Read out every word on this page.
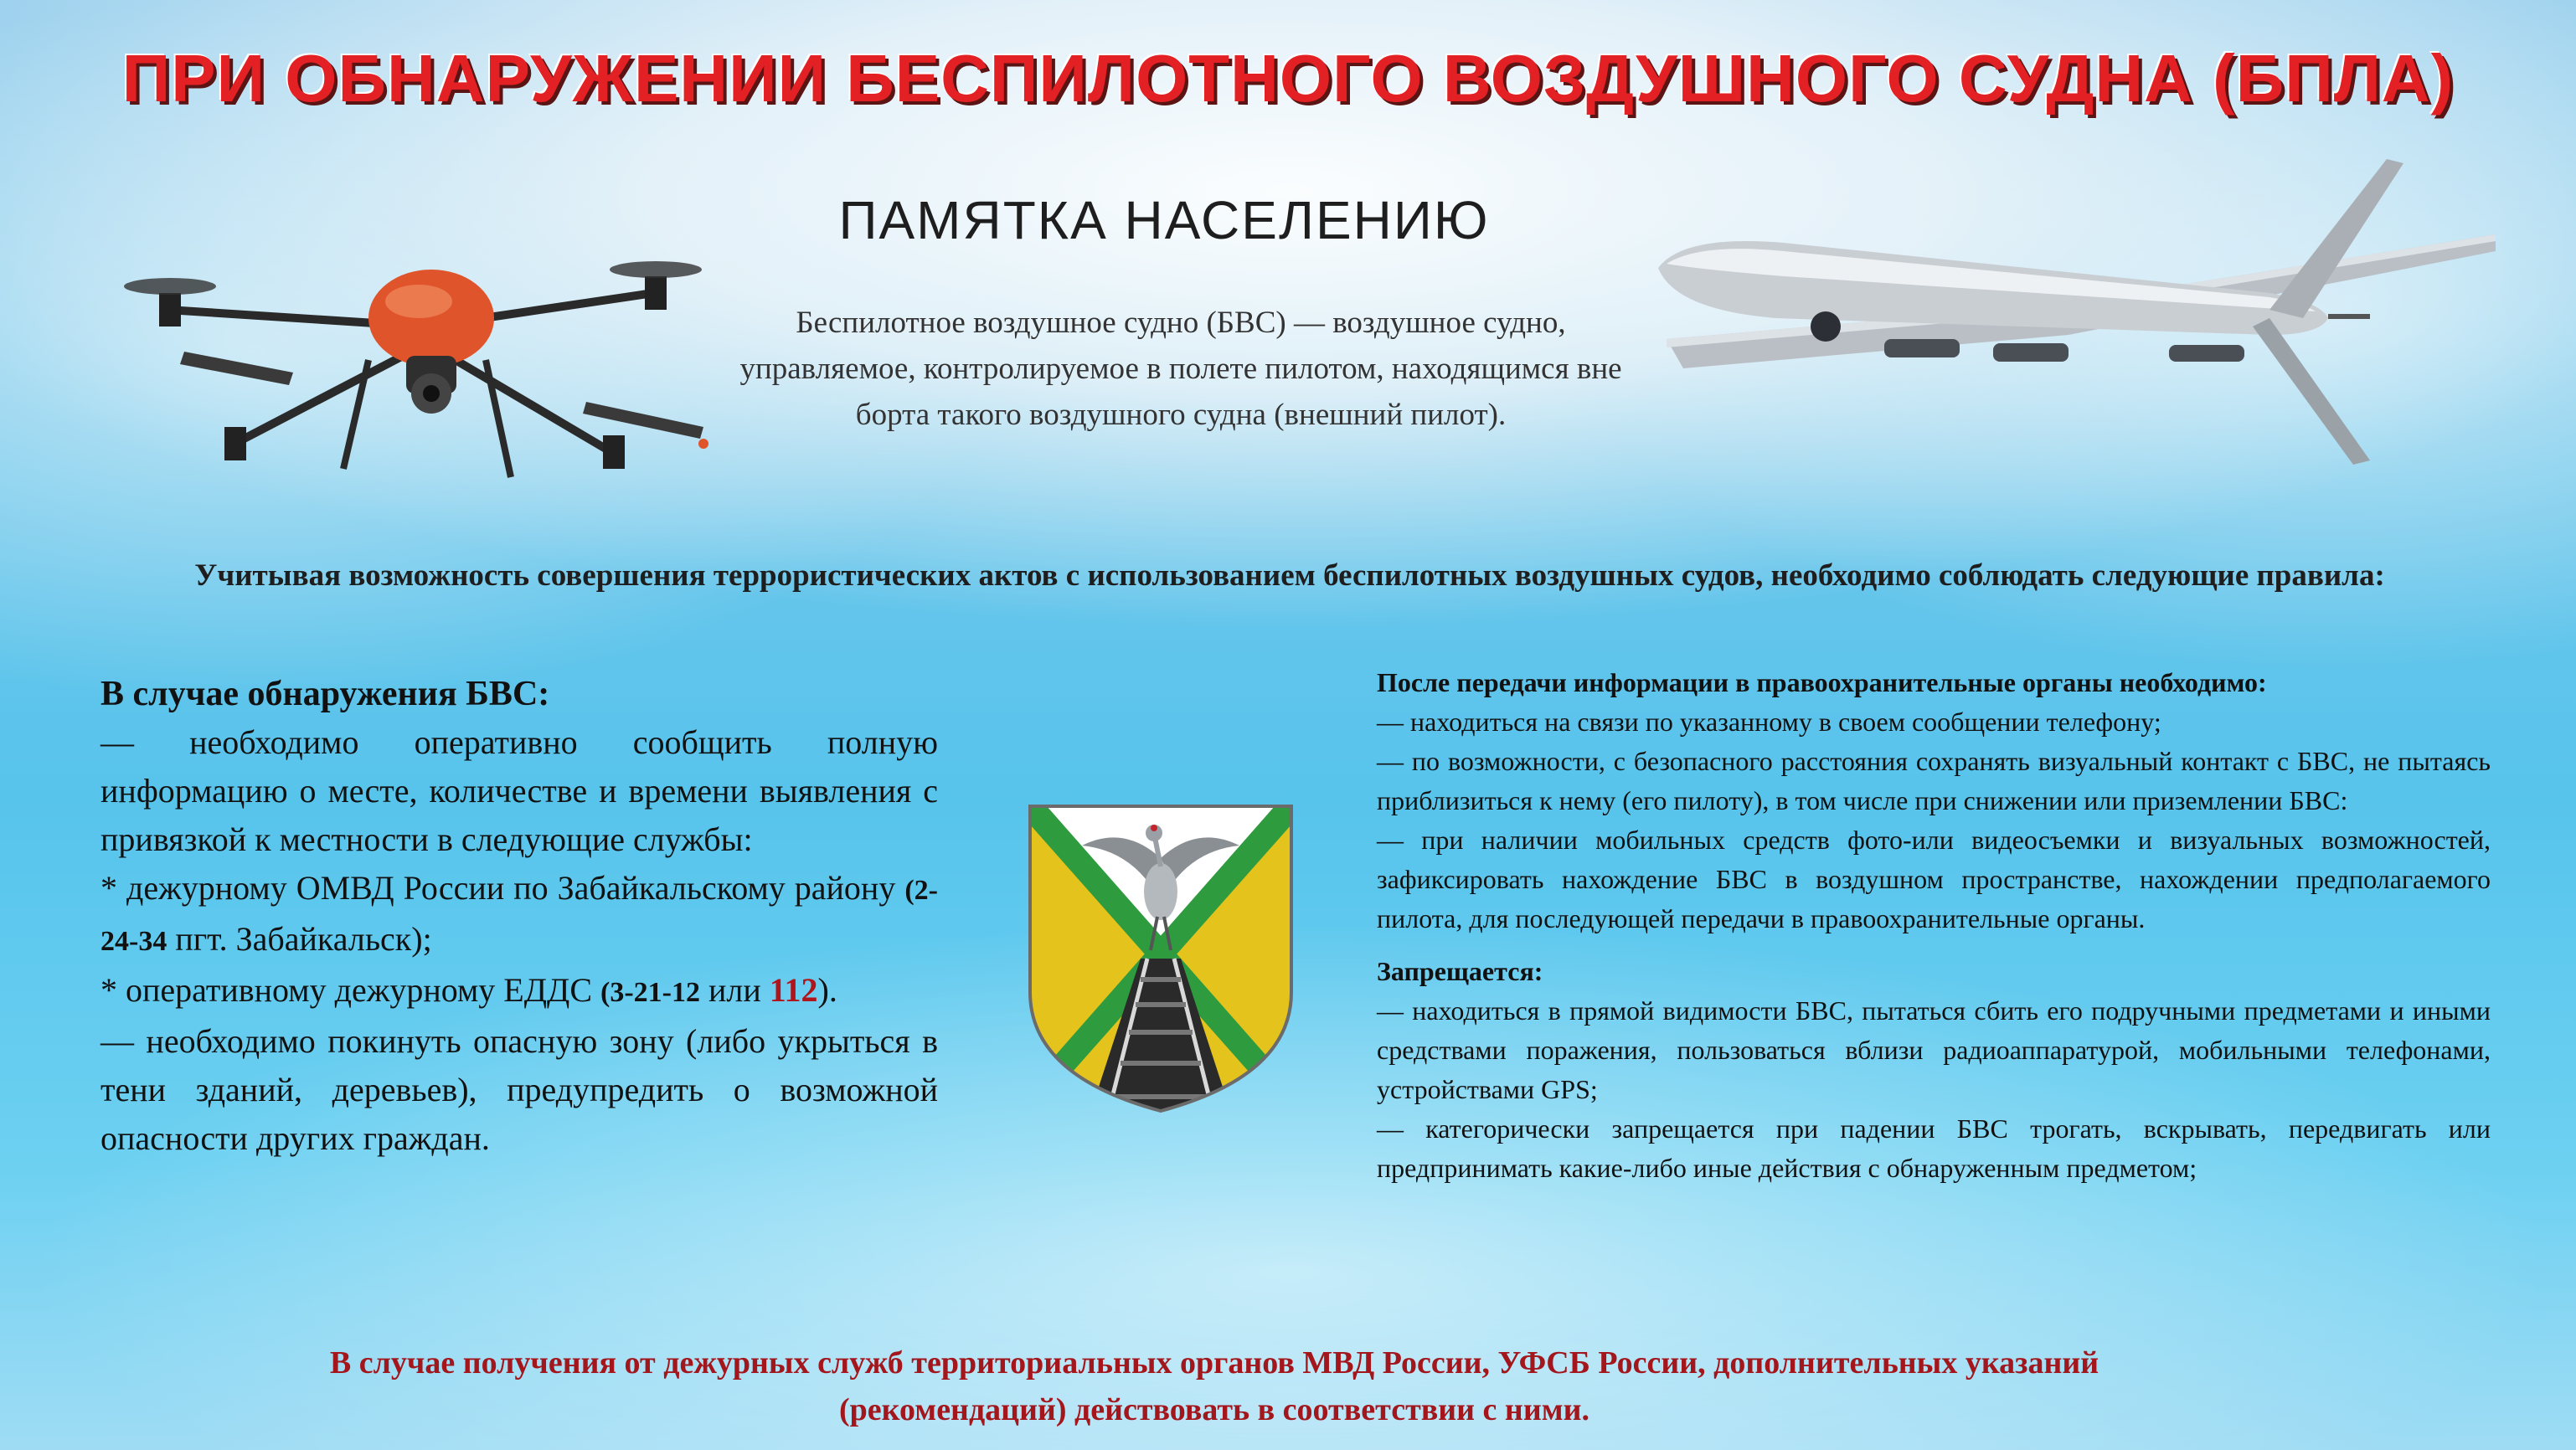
ПРИ ОБНАРУЖЕНИИ БЕСПИЛОТНОГО ВОЗДУШНОГО СУДНА (БПЛА)
ПАМЯТКА НАСЕЛЕНИЮ
Беспилотное воздушное судно (БВС) — воздушное судно, управляемое, контролируемое в полете пилотом, находящимся вне борта такого воздушного судна (внешний пилот).
Учитывая возможность совершения террористических актов с использованием беспилотных воздушных судов, необходимо соблюдать следующие правила:
В случае обнаружения БВС:
— необходимо оперативно сообщить полную информацию о месте, количестве и времени выявления с привязкой к местности в следующие службы:
* дежурному ОМВД России по Забайкальскому району (2-24-34 пгт. Забайкальск);
* оперативному дежурному ЕДДС (3-21-12 или 112).
— необходимо покинуть опасную зону (либо укрыться в тени зданий, деревьев), предупредить о возможной опасности других граждан.

После передачи информации в правоохранительные органы необходимо:

— находиться на связи по указанному в своем сообщении телефону;

— по возможности, с безопасного расстояния сохранять визуальный контакт с БВС, не пытаясь приблизиться к нему (его пилоту), в том числе при снижении или приземлении БВС:

— при наличии мобильных средств фото-или видеосъемки и визуальных возможностей, зафиксировать нахождение БВС в воздушном пространстве, нахождении предполагаемого пилота, для последующей передачи в правоохранительные органы.

Запрещается:

— находиться в прямой видимости БВС, пытаться сбить его подручными предметами и иными средствами поражения, пользоваться вблизи радиоаппаратурой, мобильными телефонами, устройствами GPS;

— категорически запрещается при падении БВС трогать, вскрывать, передвигать или предпринимать какие-либо иные действия с обнаруженным предметом;

В случае получения от дежурных служб территориальных органов МВД России, УФСБ России, дополнительных указаний (рекомендаций) действовать в соответствии с ними.
